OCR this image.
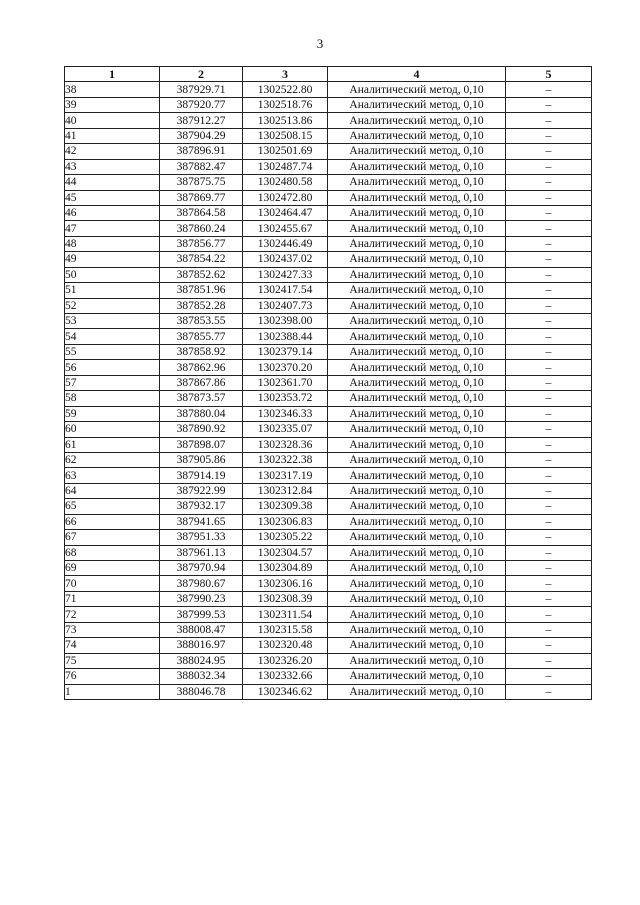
3
1	2	3	4	5
38	387929.71	1302522.80	Аналитический метод, 0,10	–
39	387920.77	1302518.76	Аналитический метод, 0,10	–
40	387912.27	1302513.86	Аналитический метод, 0,10	–
41	387904.29	1302508.15	Аналитический метод, 0,10	–
42	387896.91	1302501.69	Аналитический метод, 0,10	–
43	387882.47	1302487.74	Аналитический метод, 0,10	–
44	387875.75	1302480.58	Аналитический метод, 0,10	–
45	387869.77	1302472.80	Аналитический метод, 0,10	–
46	387864.58	1302464.47	Аналитический метод, 0,10	–
47	387860.24	1302455.67	Аналитический метод, 0,10	–
48	387856.77	1302446.49	Аналитический метод, 0,10	–
49	387854.22	1302437.02	Аналитический метод, 0,10	–
50	387852.62	1302427.33	Аналитический метод, 0,10	–
51	387851.96	1302417.54	Аналитический метод, 0,10	–
52	387852.28	1302407.73	Аналитический метод, 0,10	–
53	387853.55	1302398.00	Аналитический метод, 0,10	–
54	387855.77	1302388.44	Аналитический метод, 0,10	–
55	387858.92	1302379.14	Аналитический метод, 0,10	–
56	387862.96	1302370.20	Аналитический метод, 0,10	–
57	387867.86	1302361.70	Аналитический метод, 0,10	–
58	387873.57	1302353.72	Аналитический метод, 0,10	–
59	387880.04	1302346.33	Аналитический метод, 0,10	–
60	387890.92	1302335.07	Аналитический метод, 0,10	–
61	387898.07	1302328.36	Аналитический метод, 0,10	–
62	387905.86	1302322.38	Аналитический метод, 0,10	–
63	387914.19	1302317.19	Аналитический метод, 0,10	–
64	387922.99	1302312.84	Аналитический метод, 0,10	–
65	387932.17	1302309.38	Аналитический метод, 0,10	–
66	387941.65	1302306.83	Аналитический метод, 0,10	–
67	387951.33	1302305.22	Аналитический метод, 0,10	–
68	387961.13	1302304.57	Аналитический метод, 0,10	–
69	387970.94	1302304.89	Аналитический метод, 0,10	–
70	387980.67	1302306.16	Аналитический метод, 0,10	–
71	387990.23	1302308.39	Аналитический метод, 0,10	–
72	387999.53	1302311.54	Аналитический метод, 0,10	–
73	388008.47	1302315.58	Аналитический метод, 0,10	–
74	388016.97	1302320.48	Аналитический метод, 0,10	–
75	388024.95	1302326.20	Аналитический метод, 0,10	–
76	388032.34	1302332.66	Аналитический метод, 0,10	–
1	388046.78	1302346.62	Аналитический метод, 0,10	–
